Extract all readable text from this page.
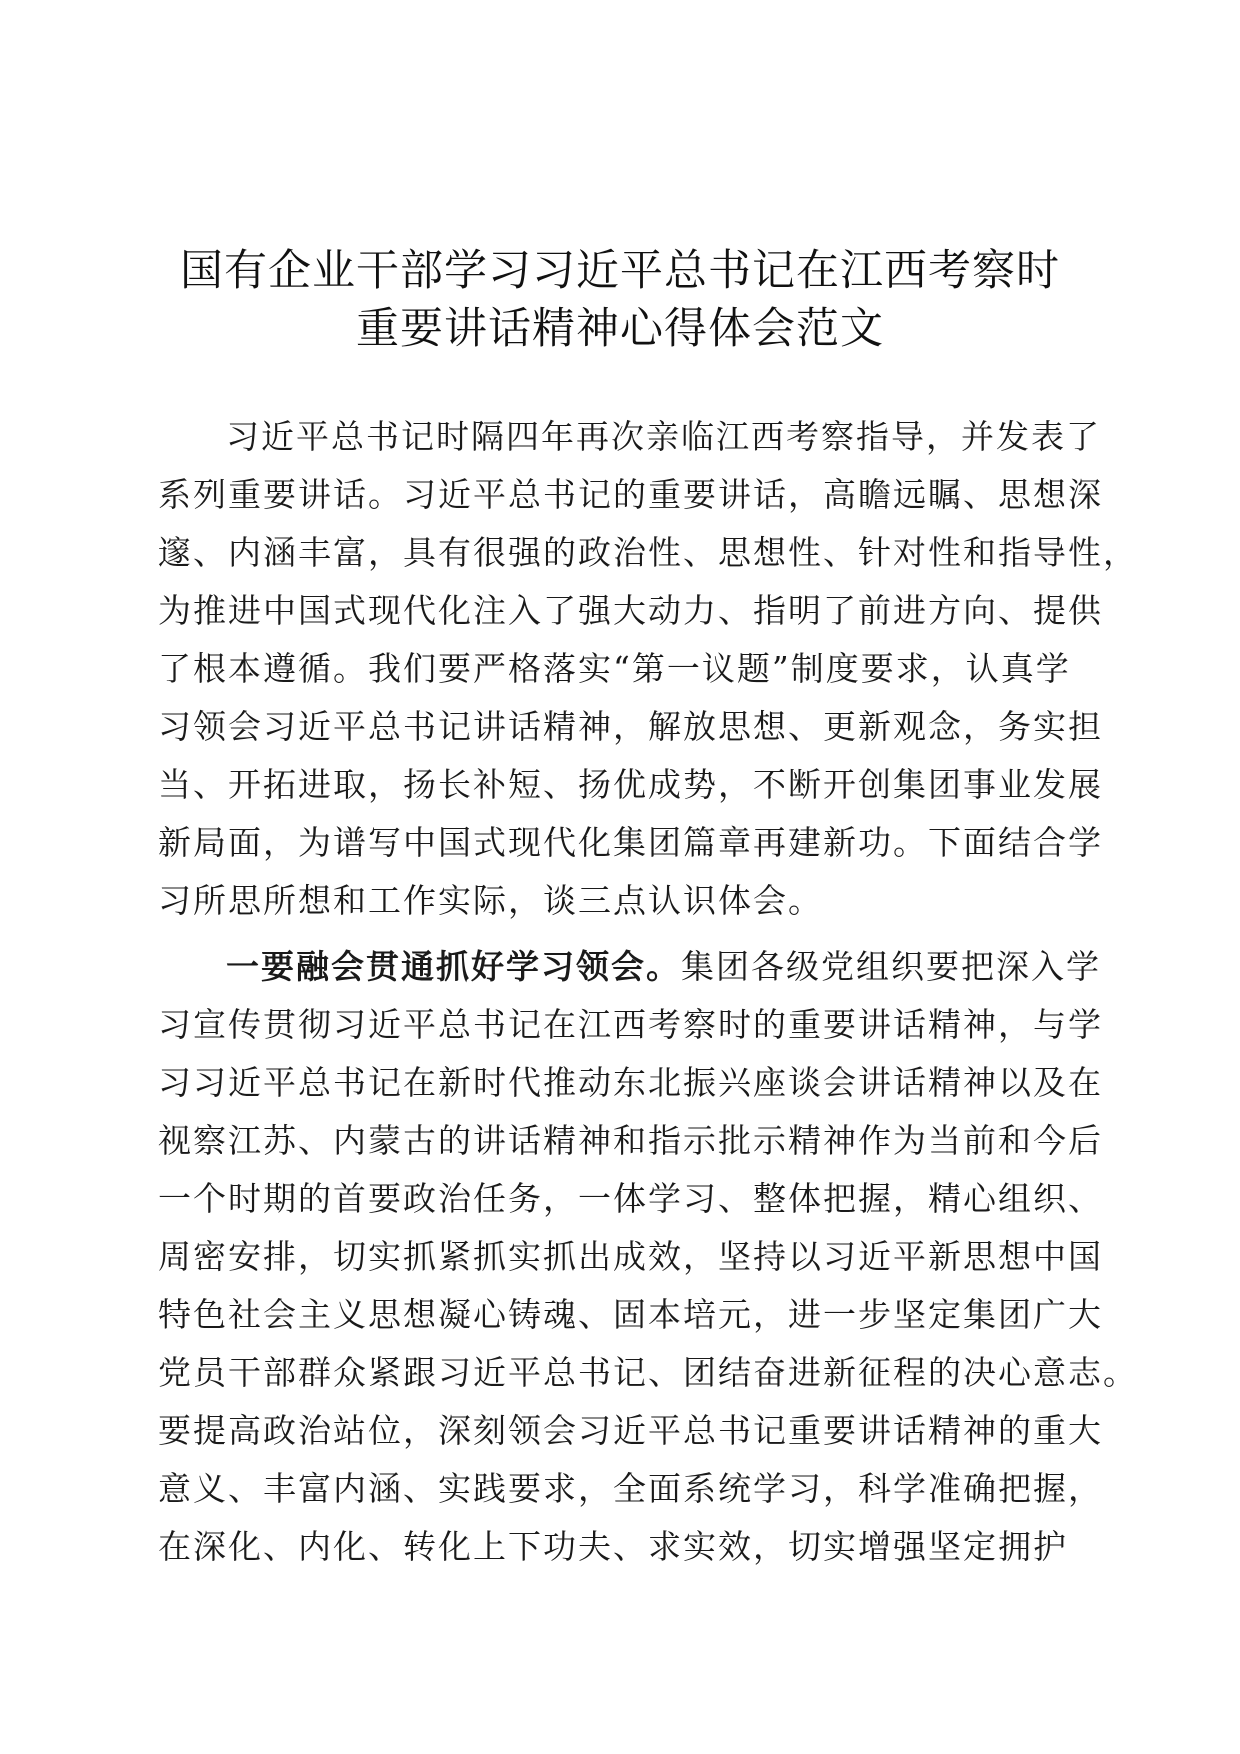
国有企业干部学习习近平总书记在江西考察时
重要讲话精神心得体会范文
习近平总书记时隔四年再次亲临江西考察指导，并发表了
系列重要讲话。习近平总书记的重要讲话，高瞻远瞩、思想深
邃、内涵丰富，具有很强的政治性、思想性、针对性和指导性，
为推进中国式现代化注入了强大动力、指明了前进方向、提供
了根本遵循。我们要严格落实“第一议题”制度要求，认真学
习领会习近平总书记讲话精神，解放思想、更新观念，务实担
当、开拓进取，扬长补短、扬优成势，不断开创集团事业发展
新局面，为谱写中国式现代化集团篇章再建新功。下面结合学
习所思所想和工作实际，谈三点认识体会。
一要融会贯通抓好学习领会。集团各级党组织要把深入学
习宣传贯彻习近平总书记在江西考察时的重要讲话精神，与学
习习近平总书记在新时代推动东北振兴座谈会讲话精神以及在
视察江苏、内蒙古的讲话精神和指示批示精神作为当前和今后
一个时期的首要政治任务，一体学习、整体把握，精心组织、
周密安排，切实抓紧抓实抓出成效，坚持以习近平新思想中国
特色社会主义思想凝心铸魂、固本培元，进一步坚定集团广大
党员干部群众紧跟习近平总书记、团结奋进新征程的决心意志。
要提高政治站位，深刻领会习近平总书记重要讲话精神的重大
意义、丰富内涵、实践要求，全面系统学习，科学准确把握，
在深化、内化、转化上下功夫、求实效，切实增强坚定拥护
